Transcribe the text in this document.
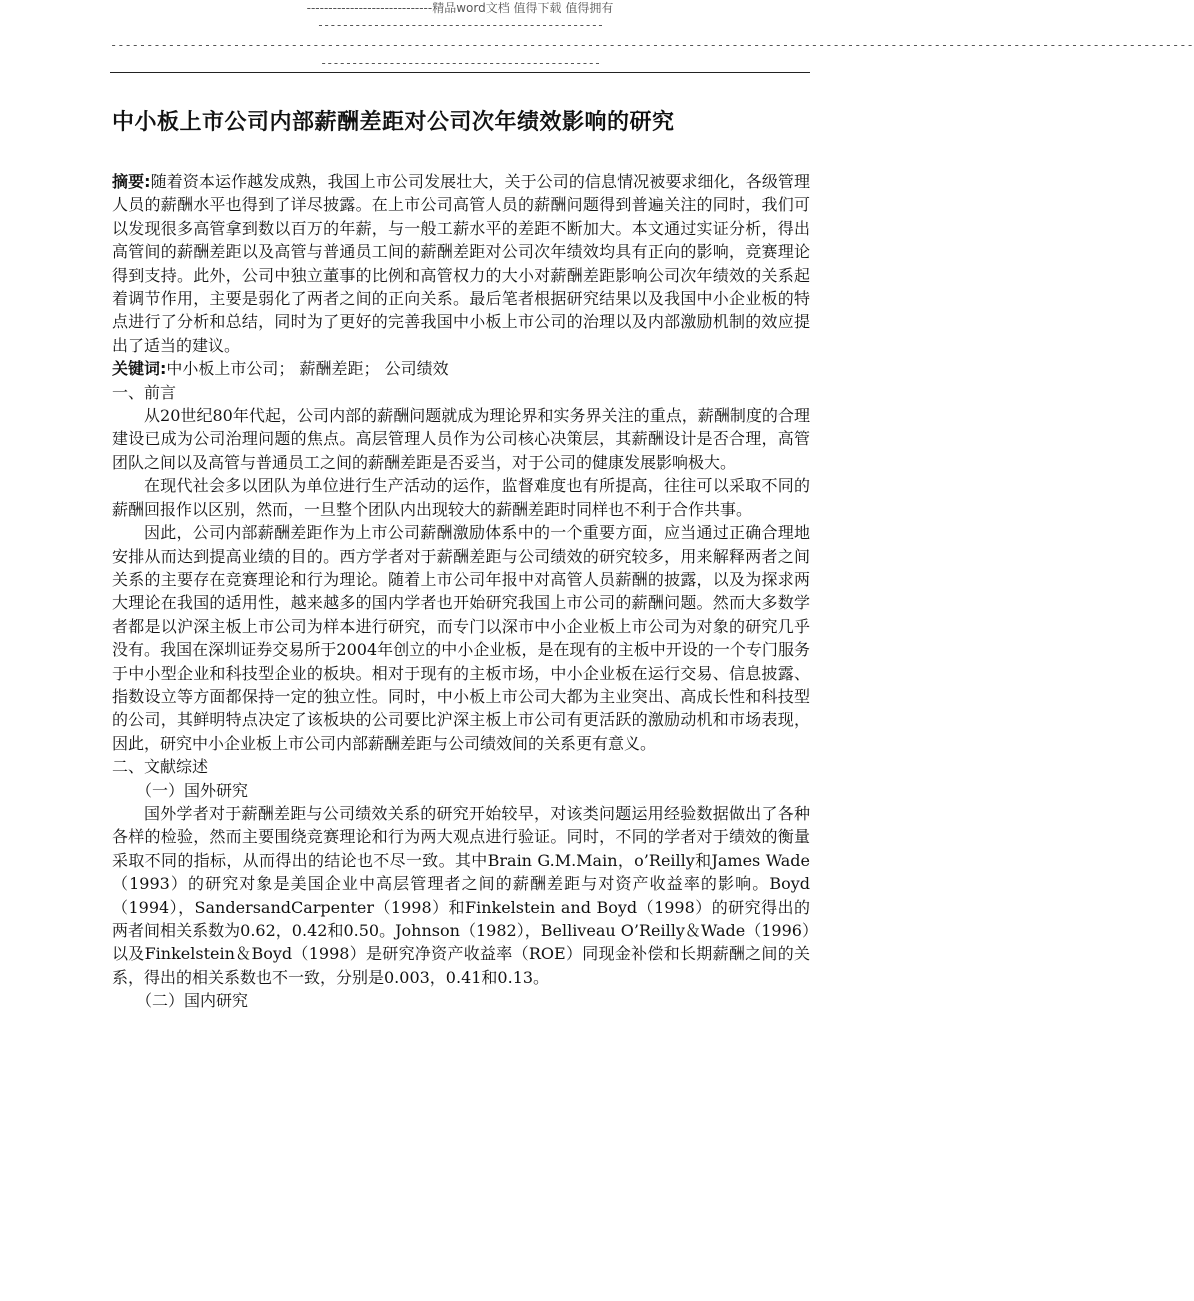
-----------------------------精品word文档 值得下载 值得拥有
----------------------------------------------
------------------------------------------------------------------------------------------------------------------------------------------------------
---------------------------------------------
中小板上市公司内部薪酬差距对公司次年绩效影响的研究

摘要:随着资本运作越发成熟，我国上市公司发展壮大，关于公司的信息情况被要求细化，各级管理人员的薪酬水平也得到了详尽披露。在上市公司高管人员的薪酬问题得到普遍关注的同时，我们可以发现很多高管拿到数以百万的年薪，与一般工薪水平的差距不断加大。本文通过实证分析，得出高管间的薪酬差距以及高管与普通员工间的薪酬差距对公司次年绩效均具有正向的影响，竞赛理论得到支持。此外，公司中独立董事的比例和高管权力的大小对薪酬差距影响公司次年绩效的关系起着调节作用，主要是弱化了两者之间的正向关系。最后笔者根据研究结果以及我国中小企业板的特点进行了分析和总结，同时为了更好的完善我国中小板上市公司的治理以及内部激励机制的效应提出了适当的建议。

关键词:中小板上市公司； 薪酬差距； 公司绩效

一、前言

从20世纪80年代起，公司内部的薪酬问题就成为理论界和实务界关注的重点，薪酬制度的合理建设已成为公司治理问题的焦点。高层管理人员作为公司核心决策层，其薪酬设计是否合理，高管团队之间以及高管与普通员工之间的薪酬差距是否妥当，对于公司的健康发展影响极大。

在现代社会多以团队为单位进行生产活动的运作，监督难度也有所提高，往往可以采取不同的薪酬回报作以区别，然而，一旦整个团队内出现较大的薪酬差距时同样也不利于合作共事。

因此，公司内部薪酬差距作为上市公司薪酬激励体系中的一个重要方面，应当通过正确合理地安排从而达到提高业绩的目的。西方学者对于薪酬差距与公司绩效的研究较多，用来解释两者之间关系的主要存在竞赛理论和行为理论。随着上市公司年报中对高管人员薪酬的披露，以及为探求两大理论在我国的适用性，越来越多的国内学者也开始研究我国上市公司的薪酬问题。然而大多数学者都是以沪深主板上市公司为样本进行研究，而专门以深市中小企业板上市公司为对象的研究几乎没有。我国在深圳证券交易所于2004年创立的中小企业板，是在现有的主板中开设的一个专门服务于中小型企业和科技型企业的板块。相对于现有的主板市场，中小企业板在运行交易、信息披露、指数设立等方面都保持一定的独立性。同时，中小板上市公司大都为主业突出、高成长性和科技型的公司，其鲜明特点决定了该板块的公司要比沪深主板上市公司有更活跃的激励动机和市场表现，因此，研究中小企业板上市公司内部薪酬差距与公司绩效间的关系更有意义。

二、文献综述

（一）国外研究

国外学者对于薪酬差距与公司绩效关系的研究开始较早，对该类问题运用经验数据做出了各种各样的检验，然而主要围绕竞赛理论和行为两大观点进行验证。同时，不同的学者对于绩效的衡量采取不同的指标，从而得出的结论也不尽一致。其中Brain G.M.Main，o’Reilly和James Wade（1993）的研究对象是美国企业中高层管理者之间的薪酬差距与对资产收益率的影响。Boyd（1994），SandersandCarpenter（1998）和Finkelstein and Boyd（1998）的研究得出的两者间相关系数为0.62，0.42和0.50。Johnson（1982），Belliveau O’Reilly＆Wade（1996）以及Finkelstein＆Boyd（1998）是研究净资产收益率（ROE）同现金补偿和长期薪酬之间的关系，得出的相关系数也不一致，分别是0.003，0.41和0.13。

（二）国内研究
